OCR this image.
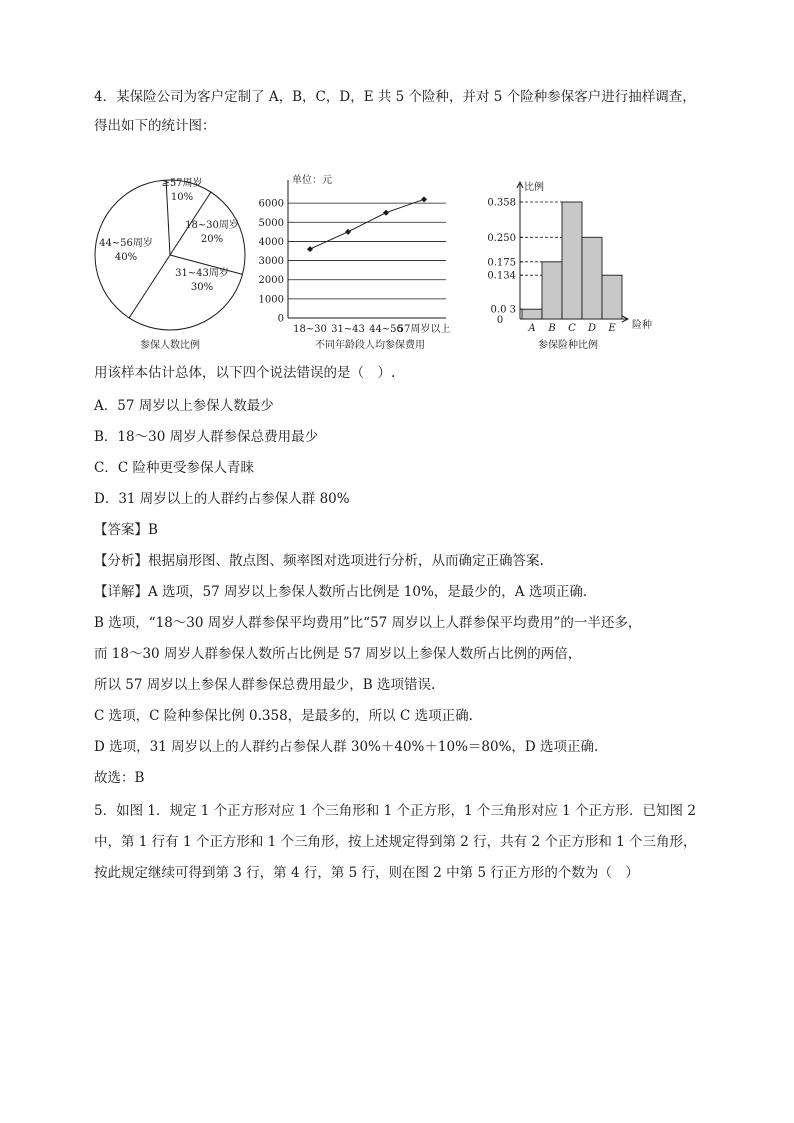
4．某保险公司为客户定制了 A，B，C，D，E 共 5 个险种，并对 5 个险种参保客户进行抽样调查，
得出如下的统计图：
≥57周岁
10%
18~30周岁
20%
31~43周岁
30%
44~56周岁
40%
参保人数比例
单位：元
0
1000
2000
3000
4000
5000
6000
18~30 31~43 44~56
57周岁以上
不同年龄段人均参保费用
比例
险种
0
0.0 3
0.134
0.175
0.250
0.358
A B C D E
参保险种比例
用该样本估计总体，以下四个说法错误的是（　）.
A．57 周岁以上参保人数最少
B．18～30 周岁人群参保总费用最少
C．C 险种更受参保人青睐
D．31 周岁以上的人群约占参保人群 80%
【答案】B
【分析】根据扇形图、散点图、频率图对选项进行分析，从而确定正确答案.
【详解】A 选项，57 周岁以上参保人数所占比例是 10%，是最少的，A 选项正确.
B 选项，“18～30 周岁人群参保平均费用”比“57 周岁以上人群参保平均费用”的一半还多，
而 18～30 周岁人群参保人数所占比例是 57 周岁以上参保人数所占比例的两倍，
所以 57 周岁以上参保人群参保总费用最少，B 选项错误.
C 选项，C 险种参保比例 0.358，是最多的，所以 C 选项正确.
D 选项，31 周岁以上的人群约占参保人群 30%＋40%＋10%＝80%，D 选项正确.
故选：B
5．如图 1．规定 1 个正方形对应 1 个三角形和 1 个正方形，1 个三角形对应 1 个正方形．已知图 2
中，第 1 行有 1 个正方形和 1 个三角形，按上述规定得到第 2 行，共有 2 个正方形和 1 个三角形，
按此规定继续可得到第 3 行，第 4 行，第 5 行，则在图 2 中第 5 行正方形的个数为（　）
